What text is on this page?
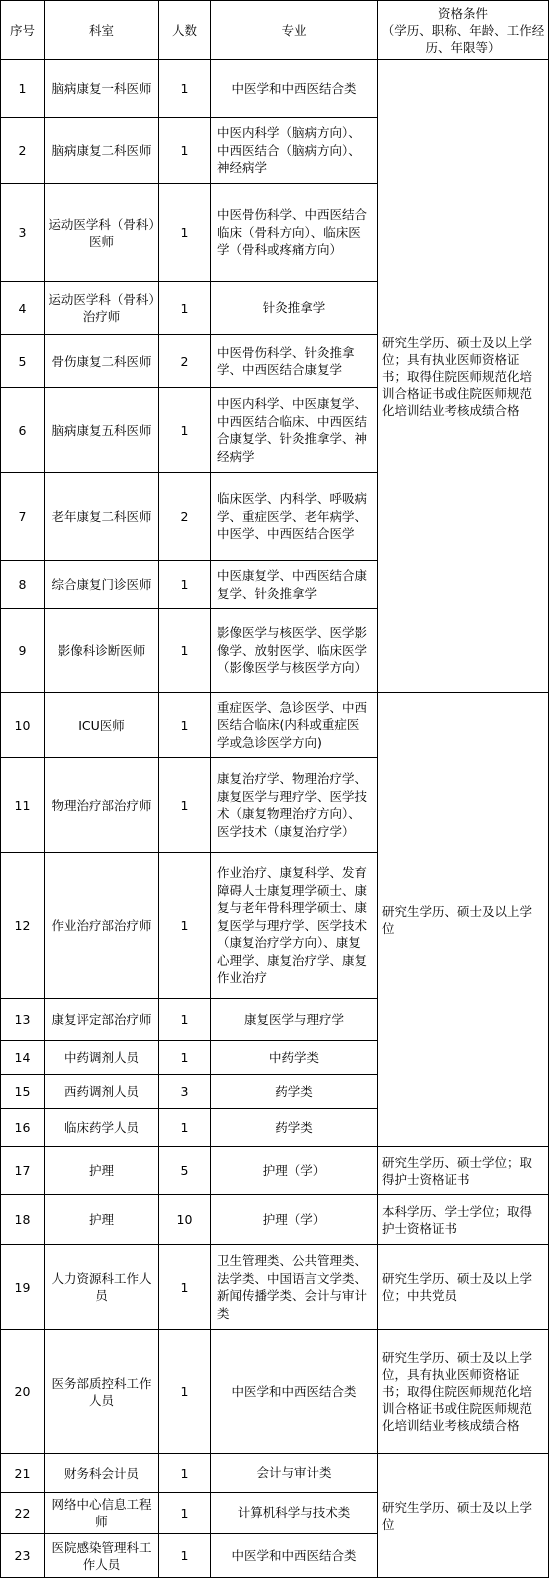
序号	科室	人数	专业	资格条件
（学历、职称、年龄、工作经历、年限等）
1	脑病康复一科医师	1	中医学和中西医结合类	研究生学历、硕士及以上学位；具有执业医师资格证书；取得住院医师规范化培训合格证书或住院医师规范化培训结业考核成绩合格
2	脑病康复二科医师	1	中医内科学（脑病方向）、中西医结合（脑病方向）、神经病学	
3	运动医学科（骨科）医师	1	中医骨伤科学、中西医结合临床（骨科方向）、临床医学（骨科或疼痛方向）	
4	运动医学科（骨科）治疗师	1	针灸推拿学	
5	骨伤康复二科医师	2	中医骨伤科学、针灸推拿学、中西医结合康复学	
6	脑病康复五科医师	1	中医内科学、中医康复学、中西医结合临床、中西医结合康复学、针灸推拿学、神经病学	
7	老年康复二科医师	2	临床医学、内科学、呼吸病学、重症医学、老年病学、中医学、中西医结合医学	
8	综合康复门诊医师	1	中医康复学、中西医结合康复学、针灸推拿学	
9	影像科诊断医师	1	影像医学与核医学、医学影像学、放射医学、临床医学（影像医学与核医学方向）	
10	ICU医师	1	重症医学、急诊医学、中西医结合临床(内科或重症医学或急诊医学方向)	研究生学历、硕士及以上学位
11	物理治疗部治疗师	1	康复治疗学、物理治疗学、康复医学与理疗学、医学技术（康复物理治疗方向）、医学技术（康复治疗学）	
12	作业治疗部治疗师	1	作业治疗、康复科学、发育障碍人士康复理学硕士、康复与老年骨科理学硕士、康复医学与理疗学、医学技术（康复治疗学方向）、康复心理学、康复治疗学、康复作业治疗	
13	康复评定部治疗师	1	康复医学与理疗学	
14	中药调剂人员	1	中药学类	
15	西药调剂人员	3	药学类	
16	临床药学人员	1	药学类	
17	护理	5	护理（学）	研究生学历、硕士学位；取得护士资格证书
18	护理	10	护理（学）	本科学历、学士学位；取得护士资格证书
19	人力资源科工作人员	1	卫生管理类、公共管理类、法学类、中国语言文学类、新闻传播学类、会计与审计类	研究生学历、硕士及以上学位；中共党员
20	医务部质控科工作人员	1	中医学和中西医结合类	研究生学历、硕士及以上学位，具有执业医师资格证书；取得住院医师规范化培训合格证书或住院医师规范化培训结业考核成绩合格
21	财务科会计员	1	会计与审计类	研究生学历、硕士及以上学位
22	网络中心信息工程师	1	计算机科学与技术类	
23	医院感染管理科工作人员	1	中医学和中西医结合类	
